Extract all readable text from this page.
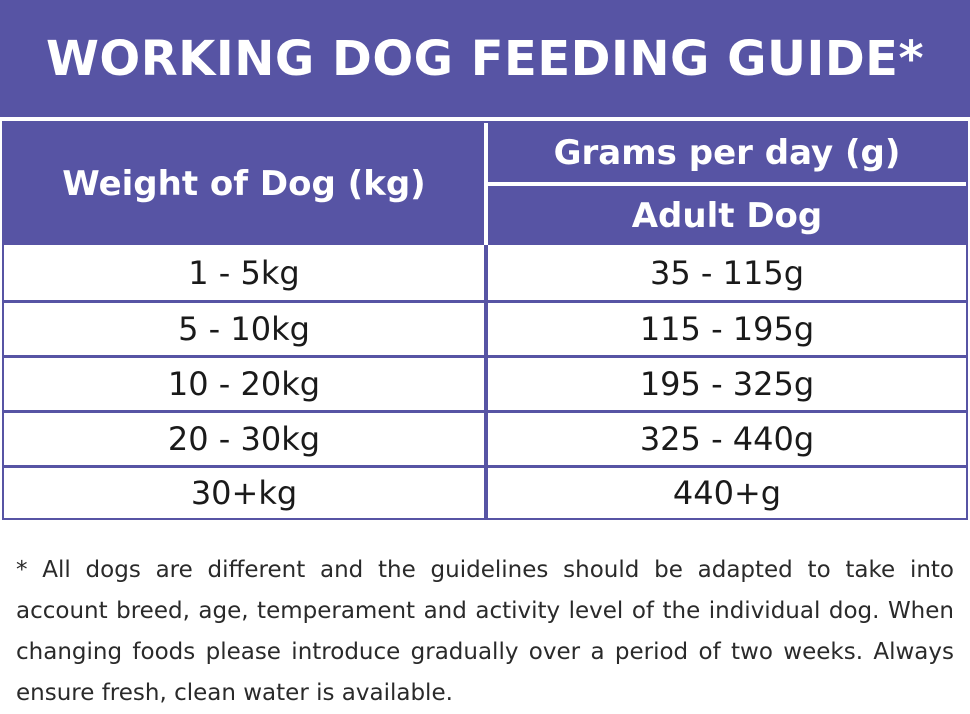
WORKING DOG FEEDING GUIDE*
Weight of Dog (kg)
Grams per day (g)
Adult Dog
1 - 5kg	35 - 115g
5 - 10kg	115 - 195g
10 - 20kg	195 - 325g
20 - 30kg	325 - 440g
30+kg	440+g
* All dogs are different and the guidelines should be adapted to take into account breed, age, temperament and activity level of the individual dog. When changing foods please introduce gradually over a period of two weeks. Always ensure fresh, clean water is available.
